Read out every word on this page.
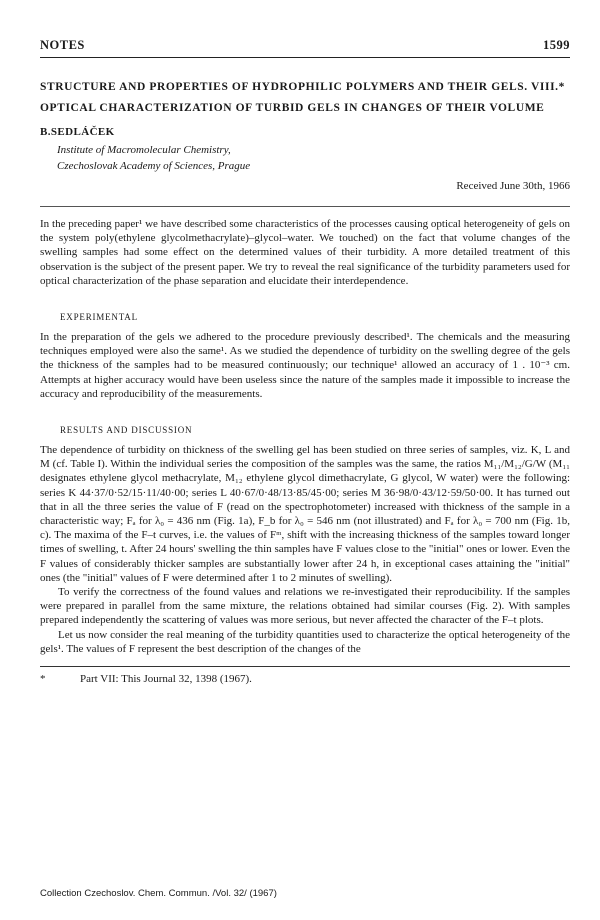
NOTES	1599
STRUCTURE AND PROPERTIES OF HYDROPHILIC POLYMERS AND THEIR GELS. VIII.*
OPTICAL CHARACTERIZATION OF TURBID GELS IN CHANGES OF THEIR VOLUME
B.SEDLÁČEK
Institute of Macromolecular Chemistry,
Czechoslovak Academy of Sciences, Prague
Received June 30th, 1966

In the preceding paper¹ we have described some characteristics of the processes causing optical heterogeneity of gels on the system poly(ethylene glycolmethacrylate)–glycol–water. We touched) on the fact that volume changes of the swelling samples had some effect on the determined values of their turbidity. A more detailed treatment of this observation is the subject of the present paper. We try to reveal the real significance of the turbidity parameters used for optical characterization of the phase separation and elucidate their interdependence.

EXPERIMENTAL

In the preparation of the gels we adhered to the procedure previously described¹. The chemicals and the measuring techniques employed were also the same¹. As we studied the dependence of turbidity on the swelling degree of the gels the thickness of the samples had to be measured continuously; our technique¹ allowed an accuracy of 1 . 10⁻³ cm. Attempts at higher accuracy would have been useless since the nature of the samples made it impossible to increase the accuracy and reproducibility of the measurements.

RESULTS AND DISCUSSION

The dependence of turbidity on thickness of the swelling gel has been studied on three series of samples, viz. K, L and M (cf. Table I). Within the individual series the composition of the samples was the same, the ratios M₁₁/M₁₂/G/W (M₁₁ designates ethylene glycol methacrylate, M₁₂ ethylene glycol dimethacrylate, G glycol, W water) were the following: series K 44·37/0·52/15·11/40·00; series L 40·67/0·48/13·85/45·00; series M 36·98/0·43/12·59/50·00. It has turned out that in all the three series the value of F (read on the spectrophotometer) increased with thickness of the sample in a characteristic way; Fₐ for λ₀ = 436 nm (Fig. 1a), F_b for λ₀ = 546 nm (not illustrated) and Fₐ for λ₀ = 700 nm (Fig. 1b, c). The maxima of the F–t curves, i.e. the values of Fᵐ, shift with the increasing thickness of the samples toward longer times of swelling, t. After 24 hours' swelling the thin samples have F values close to the "initial" ones or lower. Even the F values of considerably thicker samples are substantially lower after 24 h, in exceptional cases attaining the "initial" ones (the "initial" values of F were determined after 1 to 2 minutes of swelling).

To verify the correctness of the found values and relations we re-investigated their reproducibility. If the samples were prepared in parallel from the same mixture, the relations obtained had similar courses (Fig. 2). With samples prepared independently the scattering of values was more serious, but never affected the character of the F–t plots.

Let us now consider the real meaning of the turbidity quantities used to characterize the optical heterogeneity of the gels¹. The values of F represent the best description of the changes of the

*	Part VII: This Journal 32, 1398 (1967).
Collection Czechoslov. Chem. Commun. /Vol. 32/ (1967)
